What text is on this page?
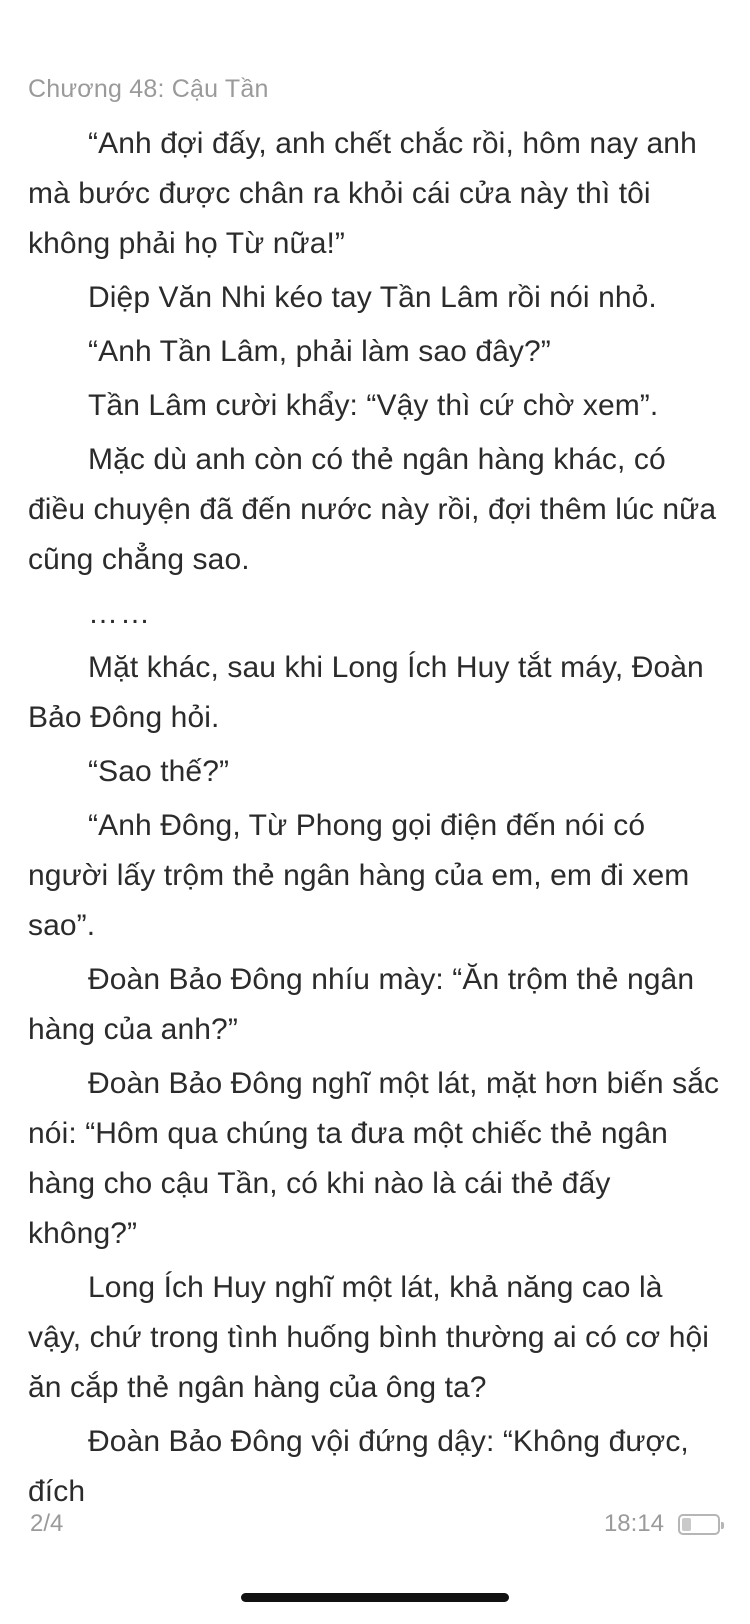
Chương 48: Cậu Tần

“Anh đợi đấy, anh chết chắc rồi, hôm nay anh mà bước được chân ra khỏi cái cửa này thì tôi không phải họ Từ nữa!”

Diệp Văn Nhi kéo tay Tần Lâm rồi nói nhỏ.

“Anh Tần Lâm, phải làm sao đây?”

Tần Lâm cười khẩy: “Vậy thì cứ chờ xem”.

Mặc dù anh còn có thẻ ngân hàng khác, có điều chuyện đã đến nước này rồi, đợi thêm lúc nữa cũng chẳng sao.

……

Mặt khác, sau khi Long Ích Huy tắt máy, Đoàn Bảo Đông hỏi.

“Sao thế?”

“Anh Đông, Từ Phong gọi điện đến nói có người lấy trộm thẻ ngân hàng của em, em đi xem sao”.

Đoàn Bảo Đông nhíu mày: “Ăn trộm thẻ ngân hàng của anh?”

Đoàn Bảo Đông nghĩ một lát, mặt hơn biến sắc nói: “Hôm qua chúng ta đưa một chiếc thẻ ngân hàng cho cậu Tần, có khi nào là cái thẻ đấy không?”

Long Ích Huy nghĩ một lát, khả năng cao là vậy, chứ trong tình huống bình thường ai có cơ hội ăn cắp thẻ ngân hàng của ông ta?

Đoàn Bảo Đông vội đứng dậy: “Không được, đích

2/4	18:14
